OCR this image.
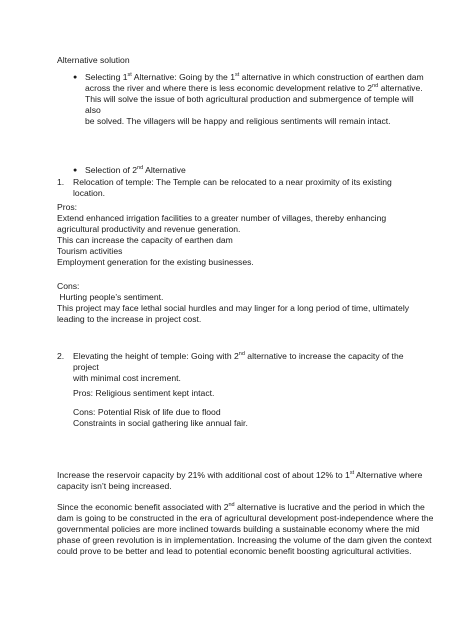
Alternative solution
● Selecting 1st Alternative: Going by the 1st alternative in which construction of earthen dam
across the river and where there is less economic development relative to 2nd alternative.
This will solve the issue of both agricultural production and submergence of temple will also
be solved. The villagers will be happy and religious sentiments will remain intact.
● Selection of 2nd Alternative
1. Relocation of temple: The Temple can be relocated to a near proximity of its existing location.
Pros:
Extend enhanced irrigation facilities to a greater number of villages, thereby enhancing
agricultural productivity and revenue generation.
This can increase the capacity of earthen dam
Tourism activities
Employment generation for the existing businesses.
Cons:
Hurting people’s sentiment.
This project may face lethal social hurdles and may linger for a long period of time, ultimately
leading to the increase in project cost.
2. Elevating the height of temple: Going with 2nd alternative to increase the capacity of the project
with minimal cost increment.
Pros: Religious sentiment kept intact.
Cons: Potential Risk of life due to flood
Constraints in social gathering like annual fair.
Increase the reservoir capacity by 21% with additional cost of about 12% to 1st Alternative where
capacity isn’t being increased.
Since the economic benefit associated with 2nd alternative is lucrative and the period in which the
dam is going to be constructed in the era of agricultural development post-independence where the
governmental policies are more inclined towards building a sustainable economy where the mid
phase of green revolution is in implementation. Increasing the volume of the dam given the context
could prove to be better and lead to potential economic benefit boosting agricultural activities.
